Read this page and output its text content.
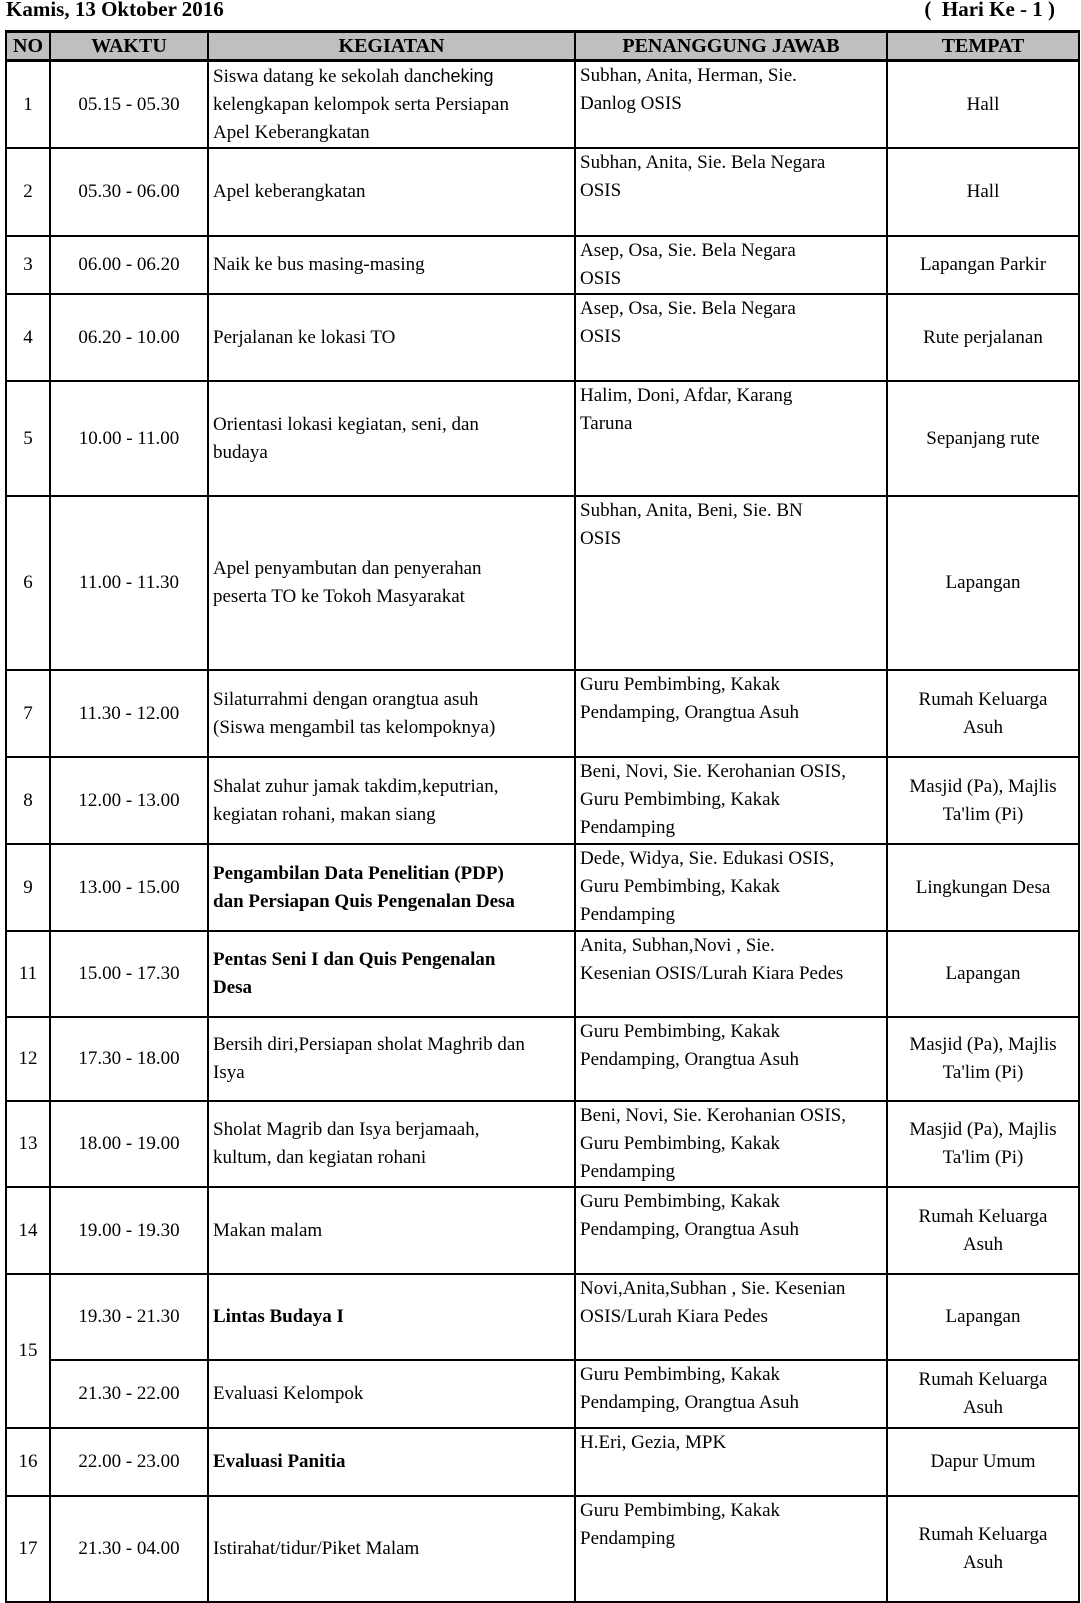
Kamis, 13 Oktober 2016	(  Hari Ke - 1 )
NO	WAKTU	KEGIATAN	PENANGGUNG JAWAB	TEMPAT
1	05.15 - 05.30	Siswa datang ke sekolah dancheking
kelengkapan kelompok serta Persiapan
Apel Keberangkatan	Subhan, Anita, Herman, Sie.
Danlog OSIS	Hall

2	05.30 - 06.00	Apel keberangkatan	Subhan, Anita, Sie. Bela Negara
OSIS	Hall

3	06.00 - 06.20	Naik ke bus masing-masing	Asep, Osa, Sie. Bela Negara
OSIS	Lapangan Parkir

4	06.20 - 10.00	Perjalanan ke lokasi TO	Asep, Osa, Sie. Bela Negara
OSIS	Rute perjalanan

5	10.00 - 11.00	Orientasi lokasi kegiatan, seni, dan
budaya	Halim, Doni, Afdar, Karang
Taruna	Sepanjang rute

6	11.00 - 11.30	Apel penyambutan dan penyerahan
peserta TO ke Tokoh Masyarakat	Subhan, Anita, Beni, Sie. BN
OSIS	Lapangan

7	11.30 - 12.00	Silaturrahmi dengan orangtua asuh
(Siswa mengambil tas kelompoknya)	Guru Pembimbing, Kakak
Pendamping, Orangtua Asuh	Rumah Keluarga
Asuh

8	12.00 - 13.00	Shalat zuhur jamak takdim,keputrian,
kegiatan rohani, makan siang	Beni, Novi, Sie. Kerohanian OSIS,
Guru Pembimbing, Kakak
Pendamping	Masjid (Pa), Majlis
Ta'lim (Pi)

9	13.00 - 15.00	Pengambilan Data Penelitian (PDP)
dan Persiapan Quis Pengenalan Desa	Dede, Widya, Sie. Edukasi OSIS,
Guru Pembimbing, Kakak
Pendamping	Lingkungan Desa

11	15.00 - 17.30	Pentas Seni I dan Quis Pengenalan
Desa	Anita, Subhan,Novi , Sie.
Kesenian OSIS/Lurah Kiara Pedes	Lapangan

12	17.30 - 18.00	Bersih diri,Persiapan sholat Maghrib dan
Isya	Guru Pembimbing, Kakak
Pendamping, Orangtua Asuh	Masjid (Pa), Majlis
Ta'lim (Pi)

13	18.00 - 19.00	Sholat Magrib dan Isya berjamaah,
kultum, dan kegiatan rohani	Beni, Novi, Sie. Kerohanian OSIS,
Guru Pembimbing, Kakak
Pendamping	Masjid (Pa), Majlis
Ta'lim (Pi)

14	19.00 - 19.30	Makan malam	Guru Pembimbing, Kakak
Pendamping, Orangtua Asuh	Rumah Keluarga
Asuh

15	19.30 - 21.30	Lintas Budaya I	Novi,Anita,Subhan , Sie. Kesenian
OSIS/Lurah Kiara Pedes	Lapangan

	21.30 - 22.00	Evaluasi Kelompok	Guru Pembimbing, Kakak
Pendamping, Orangtua Asuh	Rumah Keluarga
Asuh

16	22.00 - 23.00	Evaluasi Panitia	H.Eri, Gezia, MPK	Dapur Umum

17	21.30 - 04.00	Istirahat/tidur/Piket Malam	Guru Pembimbing, Kakak
Pendamping	Rumah Keluarga
Asuh
